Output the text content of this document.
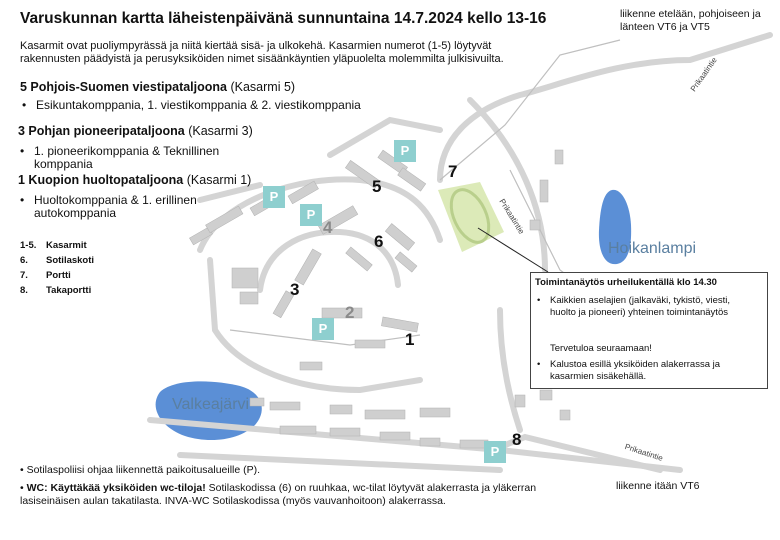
Varuskunnan kartta läheistenpäivänä sunnuntaina 14.7.2024 kello 13-16
Kasarmit ovat puoliympyrässä ja niitä kiertää sisä- ja ulkokehä. Kasarmien numerot (1-5) löytyvät rakennusten päädyistä ja perusyksiköiden nimet sisäänkäyntien yläpuolelta molemmilta julkisivuilta.
liikenne etelään, pohjoiseen ja länteen VT6 ja VT5
5 Pohjois-Suomen viestipataljoona (Kasarmi 5)
• Esikuntakomppania, 1. viestikomppania & 2. viestikomppania
3 Pohjan pioneeripataljoona (Kasarmi 3)
• 1. pioneerikomppania & Teknillinen komppania
1 Kuopion huoltopataljoona (Kasarmi 1)
• Huoltokomppania & 1. erillinen autokomppania
1-5. Kasarmit
6. Sotilaskoti
7. Portti
8. Takaportti
1
2
3
4
5
6
7
8
P
P
P
P
P
Valkeajärvi
Hoikanlampi
Prikaatintie
Prikaatintie
Prikaatintie
Toimintanäytös urheilukentällä klo 14.30
• Kaikkien aselajien (jalkaväki, tykistö, viesti, huolto ja pioneeri) yhteinen toimintanäytös
Tervetuloa seuraamaan!
• Kalustoa esillä yksiköiden alakerrassa ja kasarmien sisäkehällä.
liikenne itään VT6
• Sotilaspoliisi ohjaa liikennettä paikoitusalueille (P).
• WC: Käyttäkää yksiköiden wc-tiloja! Sotilaskodissa (6) on ruuhkaa, wc-tilat löytyvät alakerrasta ja yläkerran lasiseinäisen aulan takatilasta. INVA-WC Sotilaskodissa (myös vauvanhoitoon) alakerrassa.
